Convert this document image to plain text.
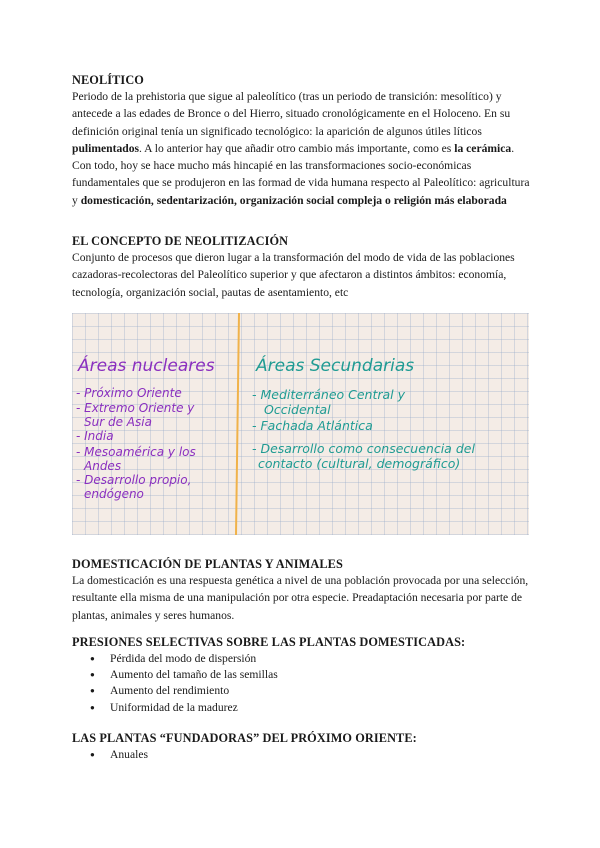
NEOLÍTICO

Periodo de la prehistoria que sigue al paleolítico (tras un periodo de transición: mesolítico) y antecede a las edades de Bronce o del Hierro, situado cronológicamente en el Holoceno. En su definición original tenía un significado tecnológico: la aparición de algunos útiles líticos pulimentados. A lo anterior hay que añadir otro cambio más importante, como es la cerámica. Con todo, hoy se hace mucho más hincapié en las transformaciones socio-económicas fundamentales que se produjeron en las formad de vida humana respecto al Paleolítico: agricultura y domesticación, sedentarización, organización social compleja o religión más elaborada

EL CONCEPTO DE NEOLITIZACIÓN

Conjunto de procesos que dieron lugar a la transformación del modo de vida de las poblaciones cazadoras-recolectoras del Paleolítico superior y que afectaron a distintos ámbitos: economía, tecnología, organización social, pautas de asentamiento, etc

Áreas nucleares
- Próximo Oriente
- Extremo Oriente y
Sur de Asia
- India
- Mesoamérica y los
Andes
- Desarrollo propio,
endógeno
Áreas Secundarias
- Mediterráneo Central y
Occidental
- Fachada Atlántica
- Desarrollo como consecuencia del
contacto (cultural, demográfico)
DOMESTICACIÓN DE PLANTAS Y ANIMALES

La domesticación es una respuesta genética a nivel de una población provocada por una selección, resultante ella misma de una manipulación por otra especie. Preadaptación necesaria por parte de plantas, animales y seres humanos.

PRESIONES SELECTIVAS SOBRE LAS PLANTAS DOMESTICADAS:
● Pérdida del modo de dispersión
● Aumento del tamaño de las semillas
● Aumento del rendimiento
● Uniformidad de la madurez
LAS PLANTAS “FUNDADORAS” DEL PRÓXIMO ORIENTE:
● Anuales
